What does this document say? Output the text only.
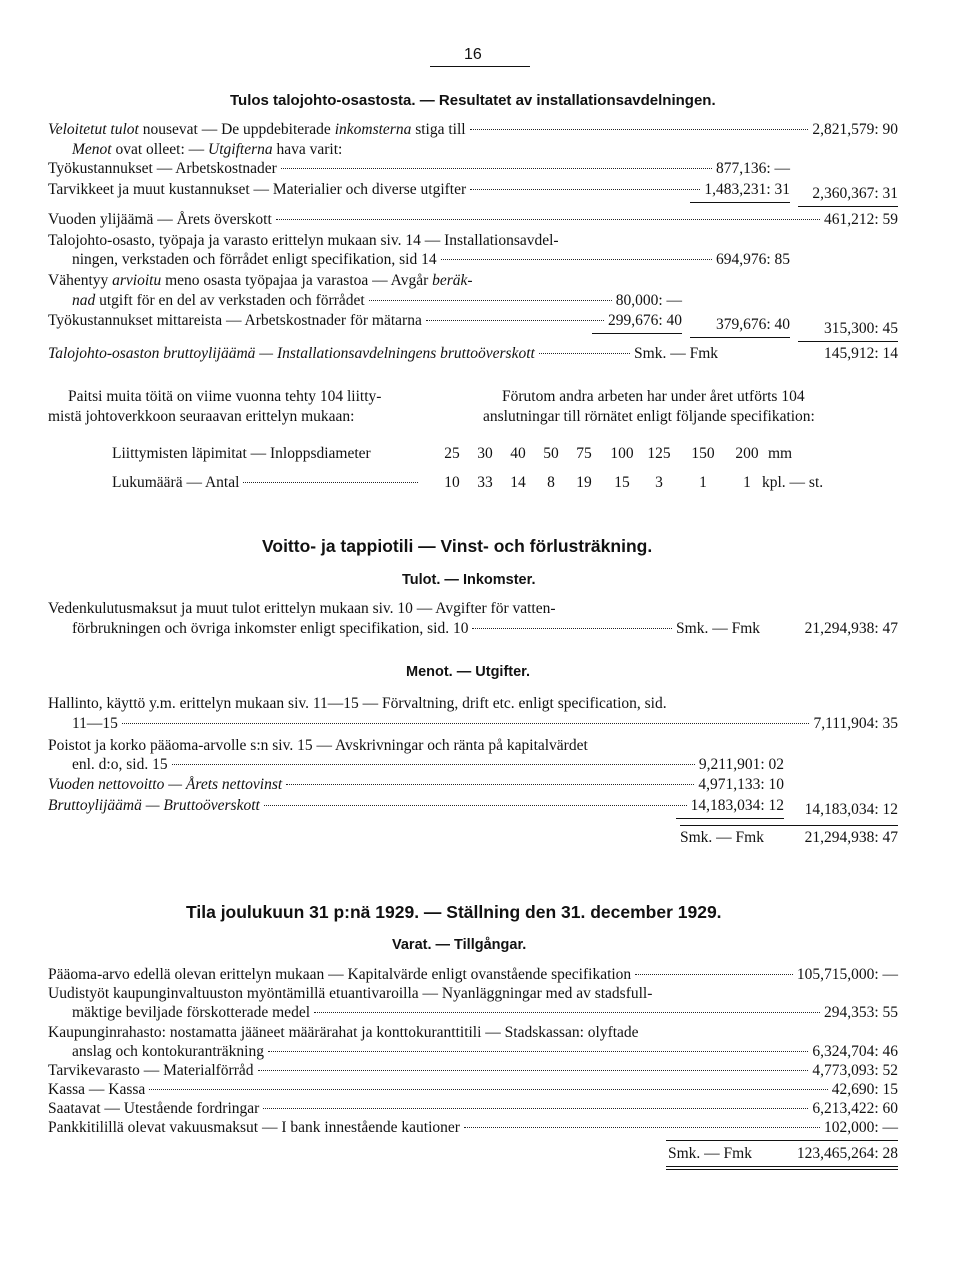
16
Tulos talojohto-osastosta. — Resultatet av installationsavdelningen.
Veloitetut tulot nousevat — De uppdebiterade inkomsterna stiga till	2,821,579: 90
Menot ovat olleet: — Utgifterna hava varit:
Työkustannukset — Arbetskostnader	877,136: —
Tarvikkeet ja muut kustannukset — Materialier och diverse utgifter	1,483,231: 31 2,360,367: 31
Vuoden ylijäämä — Årets överskott	461,212: 59
Talojohto-osasto, työpaja ja varasto erittelyn mukaan siv. 14 — Installationsavdel-
ningen, verkstaden och förrådet enligt specifikation, sid 14	694,976: 85
Vähentyy arvioitu meno osasta työpajaa ja varastoa — Avgår beräk-
nad utgift för en del av verkstaden och förrådet	80,000: —
Työkustannukset mittareista — Arbetskostnader för mätarna	299,676: 40 379,676: 40 315,300: 45
Talojohto-osaston bruttoylijäämä — Installationsavdelningens bruttoöverskott	Smk. — Fmk	145,912: 14
Paitsi muita töitä on viime vuonna tehty 104 liitty-
mistä johtoverkkoon seuraavan erittelyn mukaan:
Förutom andra arbeten har under året utförts 104
anslutningar till rörnätet enligt följande specifikation:
Liittymisten läpimitat — Inloppsdiameter	25	30	40	50	75	100 125	150	200 mm
Lukumäärä — Antal	10	33	14	8	19	15	3	1	1 kpl. — st.
Voitto- ja tappiotili — Vinst- och förlusträkning.
Tulot. — Inkomster.
Vedenkulutusmaksut ja muut tulot erittelyn mukaan siv. 10 — Avgifter för vatten-
förbrukningen och övriga inkomster enligt specifikation, sid. 10	Smk. — Fmk	21,294,938: 47
Menot. — Utgifter.
Hallinto, käyttö y.m. erittelyn mukaan siv. 11—15 — Förvaltning, drift etc. enligt specification, sid.
11—15	7,111,904: 35
Poistot ja korko pääoma-arvolle s:n siv. 15 — Avskrivningar och ränta på kapitalvärdet
enl. d:o, sid. 15	9,211,901: 02
Vuoden nettovoitto — Årets nettovinst	4,971,133: 10
Bruttoylijäämä — Bruttoöverskott	14,183,034: 12 14,183,034: 12
Smk. — Fmk	21,294,938: 47
Tila joulukuun 31 p:nä 1929. — Ställning den 31. december 1929.
Varat. — Tillgångar.
Pääoma-arvo edellä olevan erittelyn mukaan — Kapitalvärde enligt ovanstående specifikation	105,715,000: —
Uudistyöt kaupunginvaltuuston myöntämillä etuantivaroilla — Nyanläggningar med av stadsfull-
mäktige beviljade förskotterade medel	294,353: 55
Kaupunginrahasto: nostamatta jääneet määrärahat ja konttokuranttitili — Stadskassan: olyftade
anslag och kontokuranträkning	6,324,704: 46
Tarvikevarasto — Materialförråd	4,773,093: 52
Kassa — Kassa	42,690: 15
Saatavat — Utestående fordringar	6,213,422: 60
Pankkitilillä olevat vakuusmaksut — I bank innestående kautioner	102,000: —
Smk. — Fmk	123,465,264: 28
